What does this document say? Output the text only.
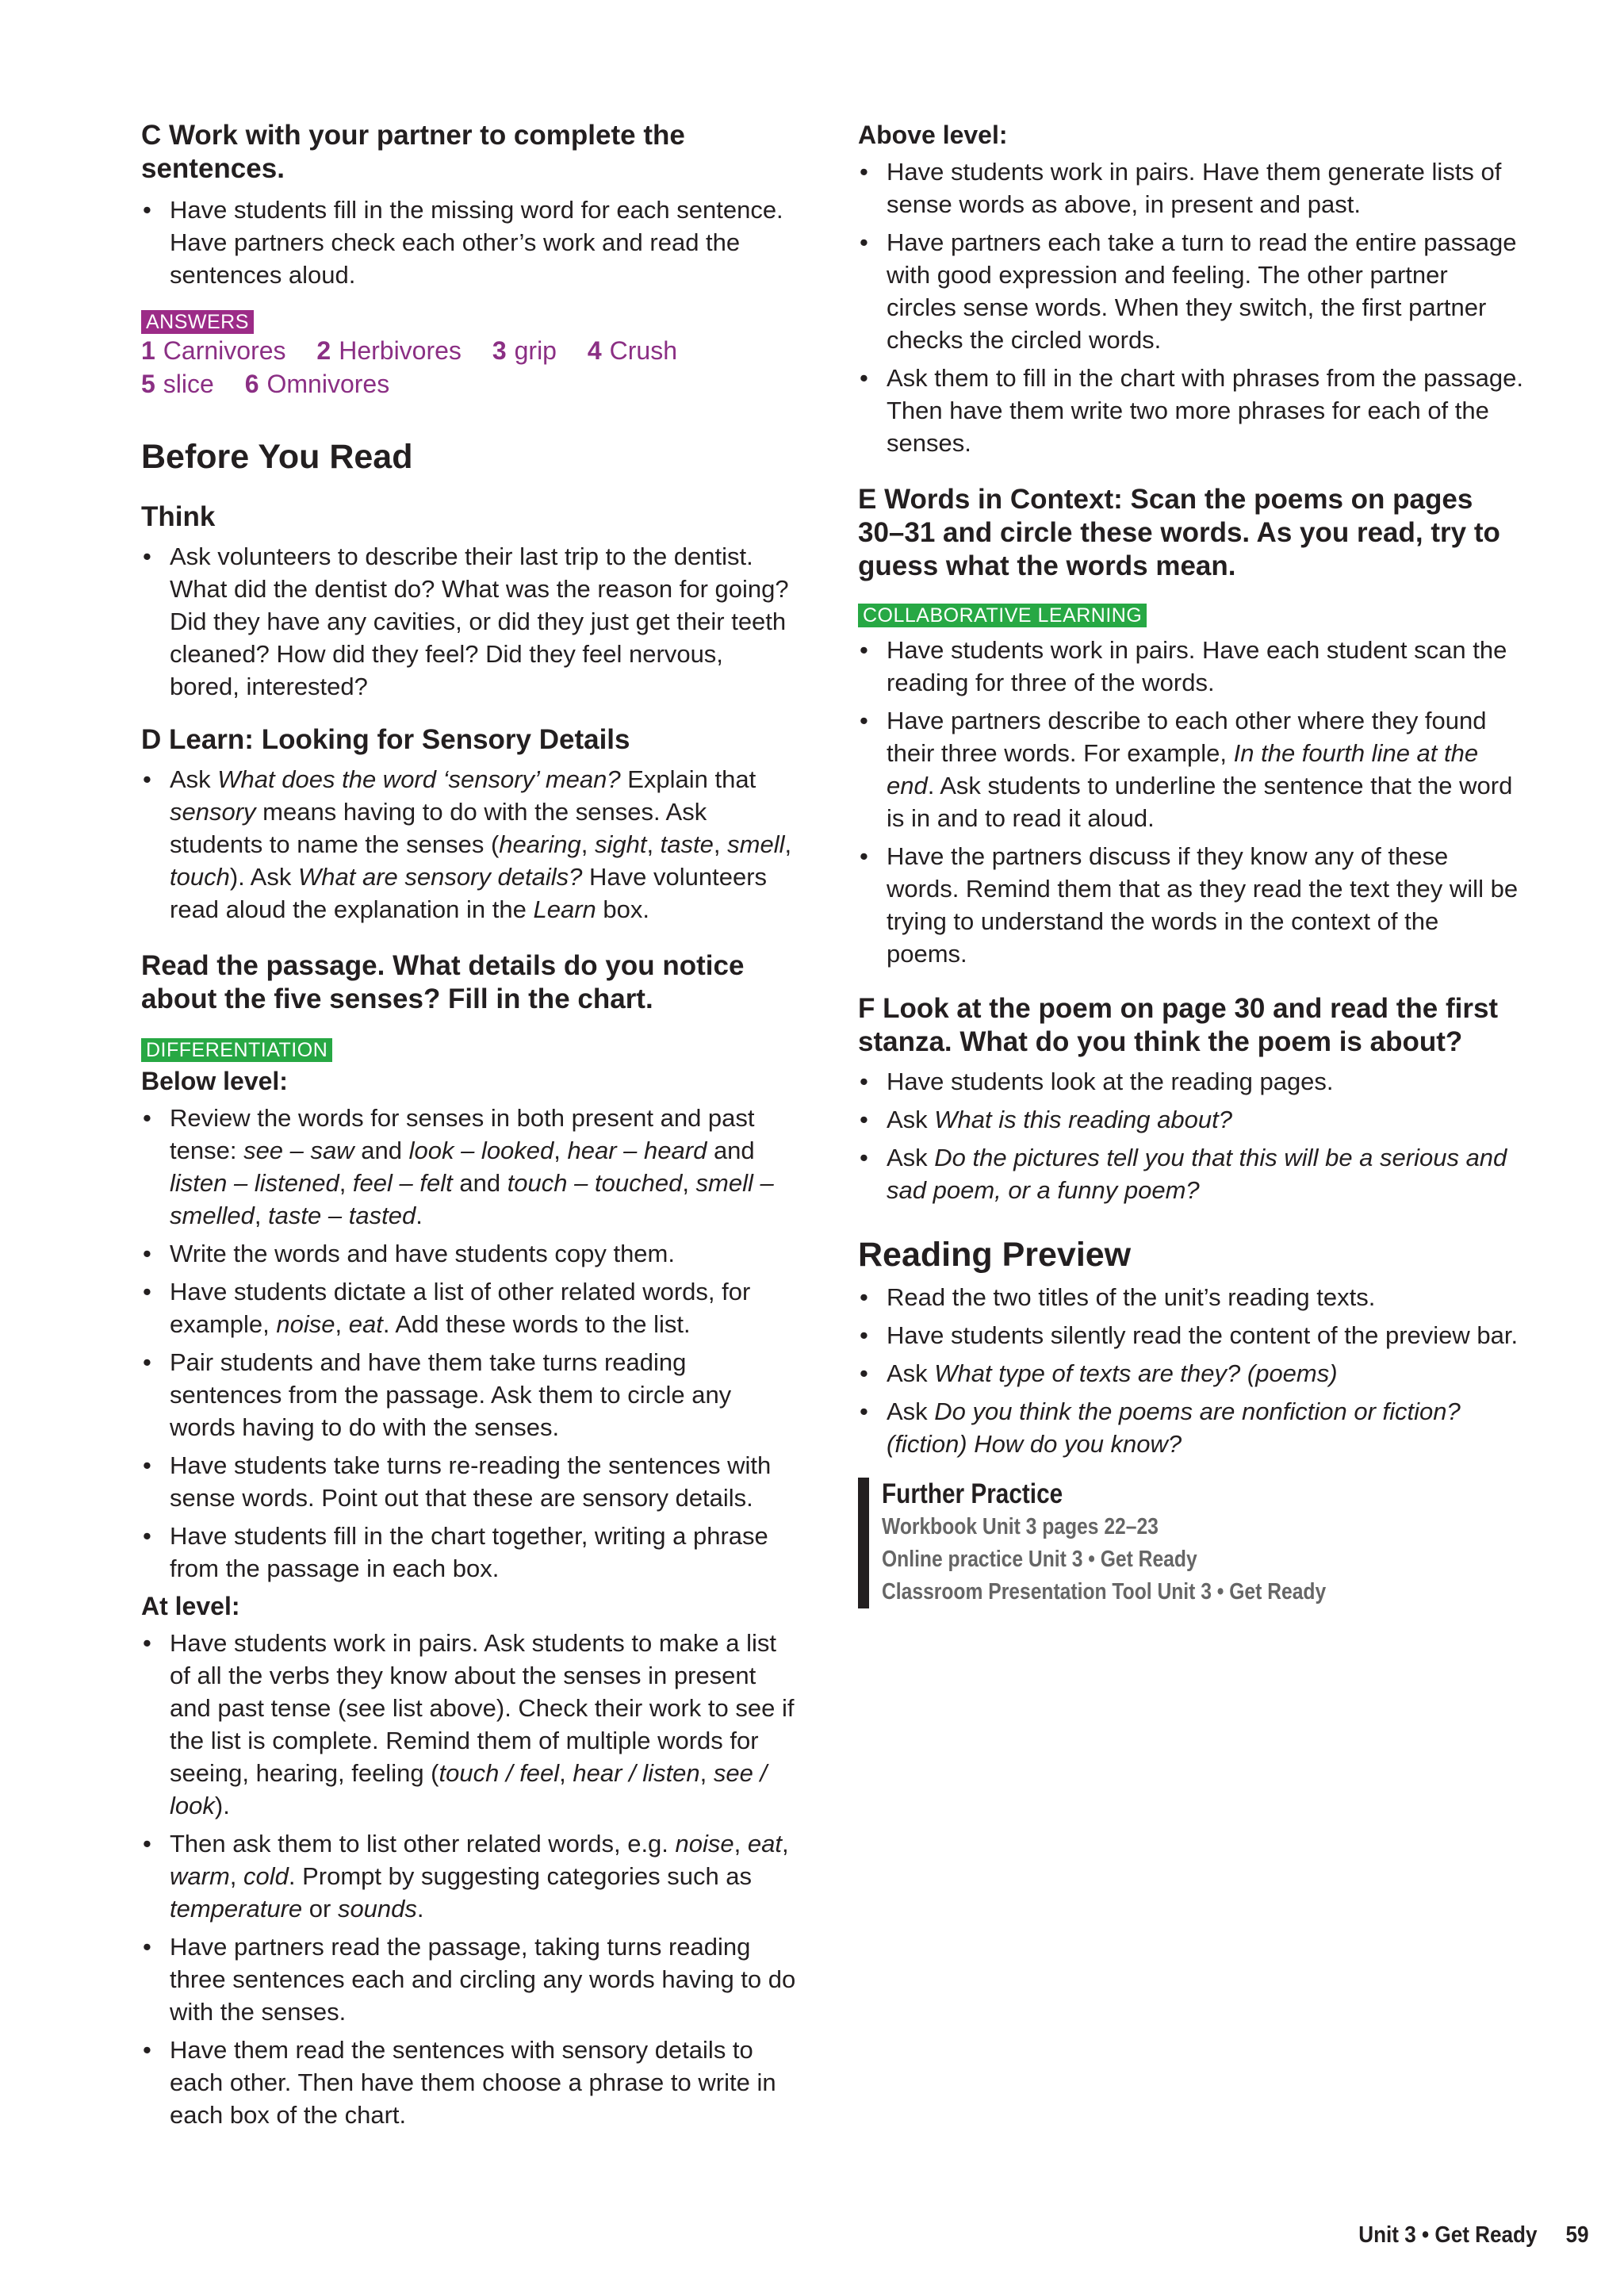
C Work with your partner to complete the sentences.

• Have students fill in the missing word for each sentence. Have partners check each other’s work and read the sentences aloud.
ANSWERS
1 Carnivores 2 Herbivores 3 grip 4 Crush
5 slice 6 Omnivores

Before You Read

Think

• Ask volunteers to describe their last trip to the dentist. What did the dentist do? What was the reason for going? Did they have any cavities, or did they just get their teeth cleaned? How did they feel? Did they feel nervous, bored, interested?

D Learn: Looking for Sensory Details

• Ask What does the word ‘sensory’ mean? Explain that sensory means having to do with the senses. Ask students to name the senses (hearing, sight, taste, smell, touch). Ask What are sensory details? Have volunteers read aloud the explanation in the Learn box.

Read the passage. What details do you notice about the five senses? Fill in the chart.

DIFFERENTIATION

Below level:

• Review the words for senses in both present and past tense: see – saw and look – looked, hear – heard and listen – listened, feel – felt and touch – touched, smell – smelled, taste – tasted.
• Write the words and have students copy them.
• Have students dictate a list of other related words, for example, noise, eat. Add these words to the list.
• Pair students and have them take turns reading sentences from the passage. Ask them to circle any words having to do with the senses.
• Have students take turns re-reading the sentences with sense words. Point out that these are sensory details.
• Have students fill in the chart together, writing a phrase from the passage in each box.

At level:

• Have students work in pairs. Ask students to make a list of all the verbs they know about the senses in present and past tense (see list above). Check their work to see if the list is complete. Remind them of multiple words for seeing, hearing, feeling (touch / feel, hear / listen, see / look).
• Then ask them to list other related words, e.g. noise, eat, warm, cold. Prompt by suggesting categories such as temperature or sounds.
• Have partners read the passage, taking turns reading three sentences each and circling any words having to do with the senses.
• Have them read the sentences with sensory details to each other. Then have them choose a phrase to write in each box of the chart.

Above level:

• Have students work in pairs. Have them generate lists of sense words as above, in present and past.
• Have partners each take a turn to read the entire passage with good expression and feeling. The other partner circles sense words. When they switch, the first partner checks the circled words.
• Ask them to fill in the chart with phrases from the passage. Then have them write two more phrases for each of the senses.

E Words in Context: Scan the poems on pages 30–31 and circle these words. As you read, try to guess what the words mean.

COLLABORATIVE LEARNING
• Have students work in pairs. Have each student scan the reading for three of the words.
• Have partners describe to each other where they found their three words. For example, In the fourth line at the end. Ask students to underline the sentence that the word is in and to read it aloud.
• Have the partners discuss if they know any of these words. Remind them that as they read the text they will be trying to understand the words in the context of the poems.

F Look at the poem on page 30 and read the first stanza. What do you think the poem is about?

• Have students look at the reading pages.
• Ask What is this reading about?
• Ask Do the pictures tell you that this will be a serious and sad poem, or a funny poem?

Reading Preview

• Read the two titles of the unit’s reading texts.
• Have students silently read the content of the preview bar.
• Ask What type of texts are they? (poems)
• Ask Do you think the poems are nonfiction or fiction? (fiction) How do you know?
Further Practice
Workbook Unit 3 pages 22–23
Online practice Unit 3 • Get Ready
Classroom Presentation Tool Unit 3 • Get Ready
Unit 3 • Get Ready 59
